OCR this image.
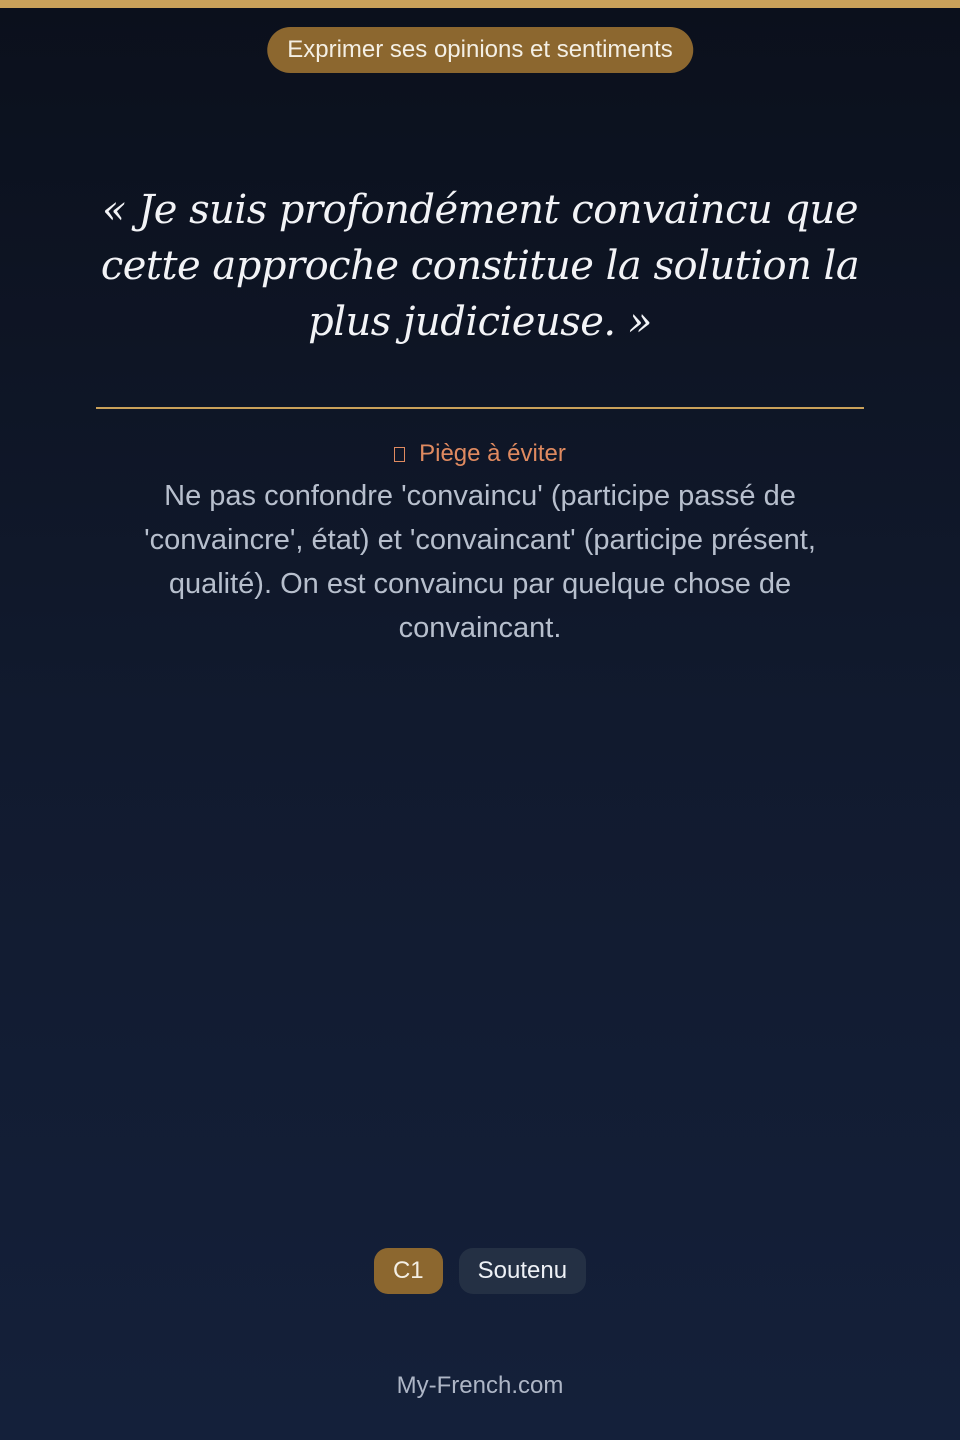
Exprimer ses opinions et sentiments

« Je suis profondément convaincu que cette approche constitue la solution la plus judicieuse. »

Piège à éviter

Ne pas confondre 'convaincu' (participe passé de 'convaincre', état) et 'convaincant' (participe présent, qualité). On est convaincu par quelque chose de convaincant.

C1	Soutenu
My-French.com
